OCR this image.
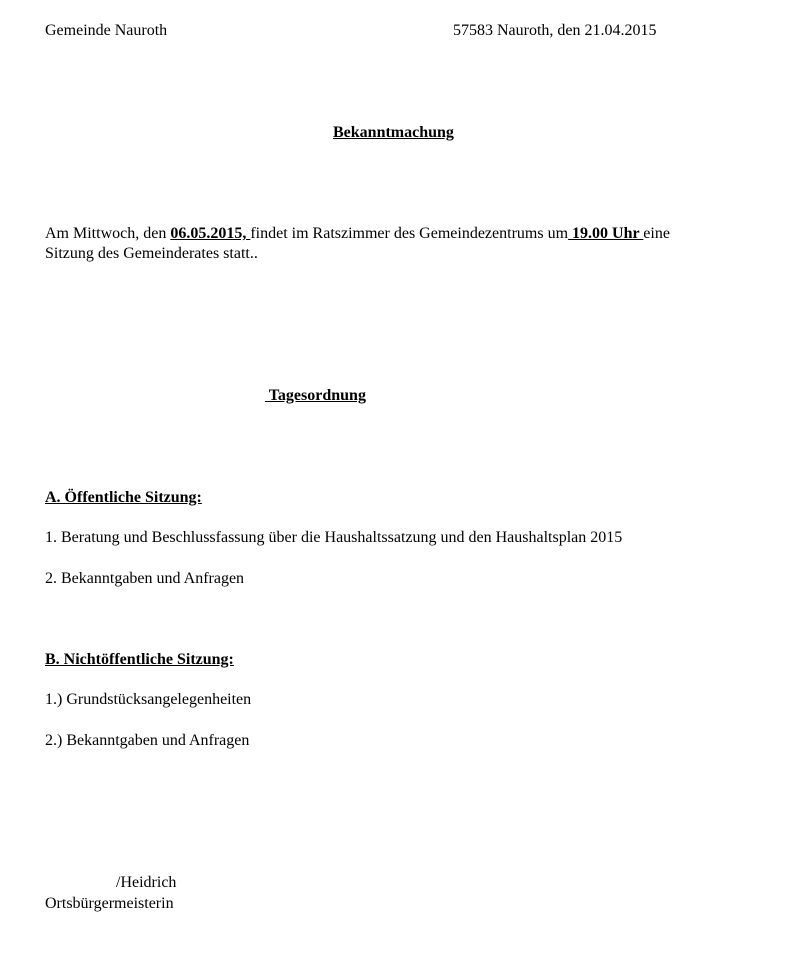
Gemeinde Nauroth	57583 Nauroth, den 21.04.2015
Bekanntmachung
Am Mittwoch, den 06.05.2015, findet im Ratszimmer des Gemeindezentrums um 19.00 Uhr eine
Sitzung des Gemeinderates statt..
Tagesordnung
A. Öffentliche Sitzung:
1. Beratung und Beschlussfassung über die Haushaltssatzung und den Haushaltsplan 2015
2. Bekanntgaben und Anfragen
B. Nichtöffentliche Sitzung:
1.) Grundstücksangelegenheiten
2.) Bekanntgaben und Anfragen
/Heidrich
Ortsbürgermeisterin
